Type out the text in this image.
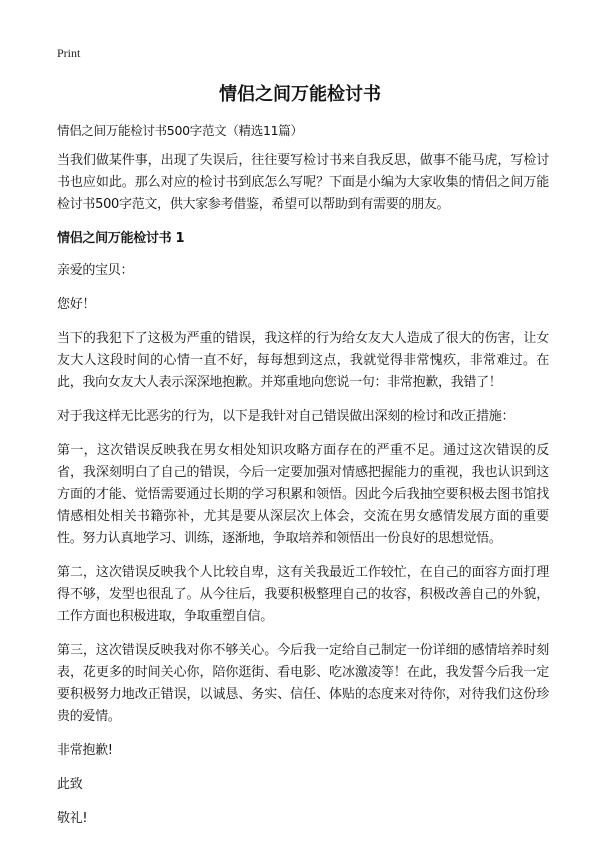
Print
情侣之间万能检讨书

情侣之间万能检讨书500字范文（精选11篇）

当我们做某件事，出现了失误后，往往要写检讨书来自我反思，做事不能马虎，写检讨书也应如此。那么对应的检讨书到底怎么写呢？下面是小编为大家收集的情侣之间万能检讨书500字范文，供大家参考借鉴，希望可以帮助到有需要的朋友。

情侣之间万能检讨书 1

亲爱的宝贝：

您好！

当下的我犯下了这极为严重的错误，我这样的行为给女友大人造成了很大的伤害，让女友大人这段时间的心情一直不好，每每想到这点，我就觉得非常愧疚，非常难过。在此，我向女友大人表示深深地抱歉。并郑重地向您说一句：非常抱歉，我错了！

对于我这样无比恶劣的行为，以下是我针对自己错误做出深刻的检讨和改正措施：

第一，这次错误反映我在男女相处知识攻略方面存在的严重不足。通过这次错误的反省，我深刻明白了自己的错误，今后一定要加强对情感把握能力的重视，我也认识到这方面的才能、觉悟需要通过长期的学习积累和领悟。因此今后我抽空要积极去图书馆找情感相处相关书籍弥补，尤其是要从深层次上体会，交流在男女感情发展方面的重要性。努力认真地学习、训练，逐渐地，争取培养和领悟出一份良好的思想觉悟。

第二，这次错误反映我个人比较自卑，这有关我最近工作较忙，在自己的面容方面打理得不够，发型也很乱了。从今往后，我要积极整理自己的妆容，积极改善自己的外貌，工作方面也积极进取，争取重塑自信。

第三，这次错误反映我对你不够关心。今后我一定给自己制定一份详细的感情培养时刻表，花更多的时间关心你，陪你逛街、看电影、吃冰激凌等！在此，我发誓今后我一定要积极努力地改正错误，以诚恳、务实、信任、体贴的态度来对待你，对待我们这份珍贵的爱情。

非常抱歉!

此致

敬礼!
